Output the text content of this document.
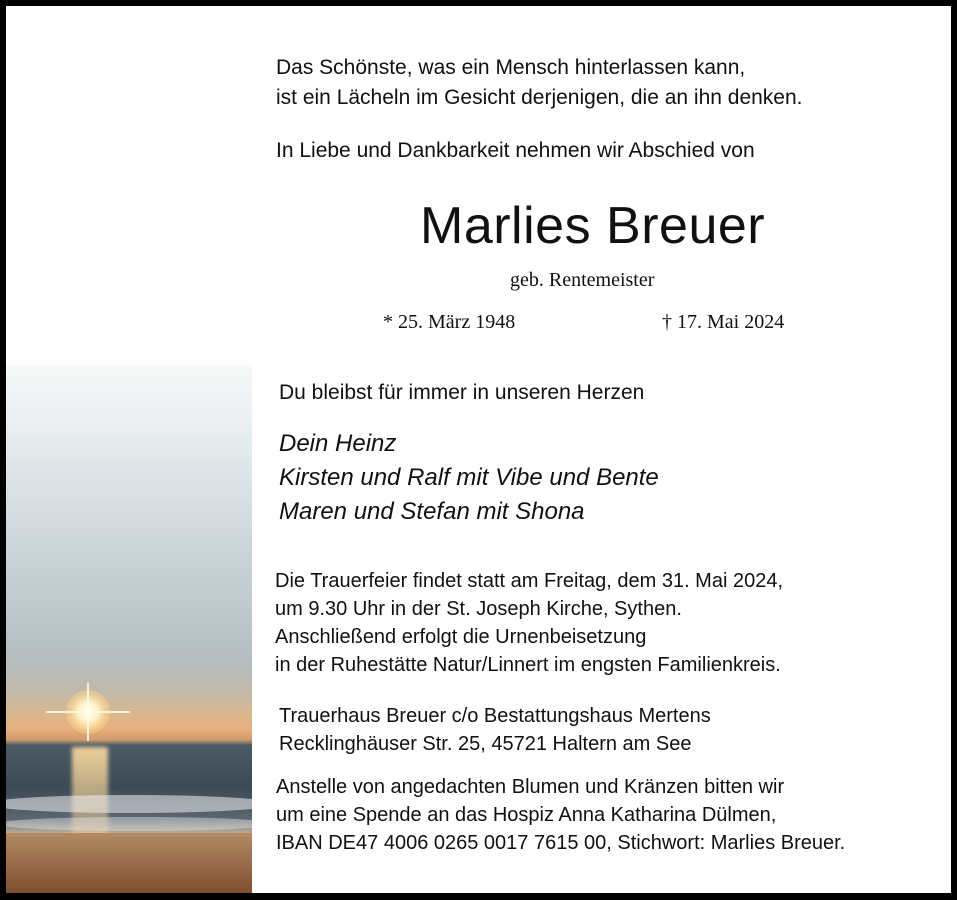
Das Schönste, was ein Mensch hinterlassen kann,
ist ein Lächeln im Gesicht derjenigen, die an ihn denken.
In Liebe und Dankbarkeit nehmen wir Abschied von
Marlies Breuer
geb. Rentemeister
* 25. März 1948	† 17. Mai 2024
Du bleibst für immer in unseren Herzen
Dein Heinz
Kirsten und Ralf mit Vibe und Bente
Maren und Stefan mit Shona
Die Trauerfeier findet statt am Freitag, dem 31. Mai 2024,
um 9.30 Uhr in der St. Joseph Kirche, Sythen.
Anschließend erfolgt die Urnenbeisetzung
in der Ruhestätte Natur/Linnert im engsten Familienkreis.
Trauerhaus Breuer c/o Bestattungshaus Mertens
Recklinghäuser Str. 25, 45721 Haltern am See
Anstelle von angedachten Blumen und Kränzen bitten wir
um eine Spende an das Hospiz Anna Katharina Dülmen,
IBAN DE47 4006 0265 0017 7615 00, Stichwort: Marlies Breuer.
